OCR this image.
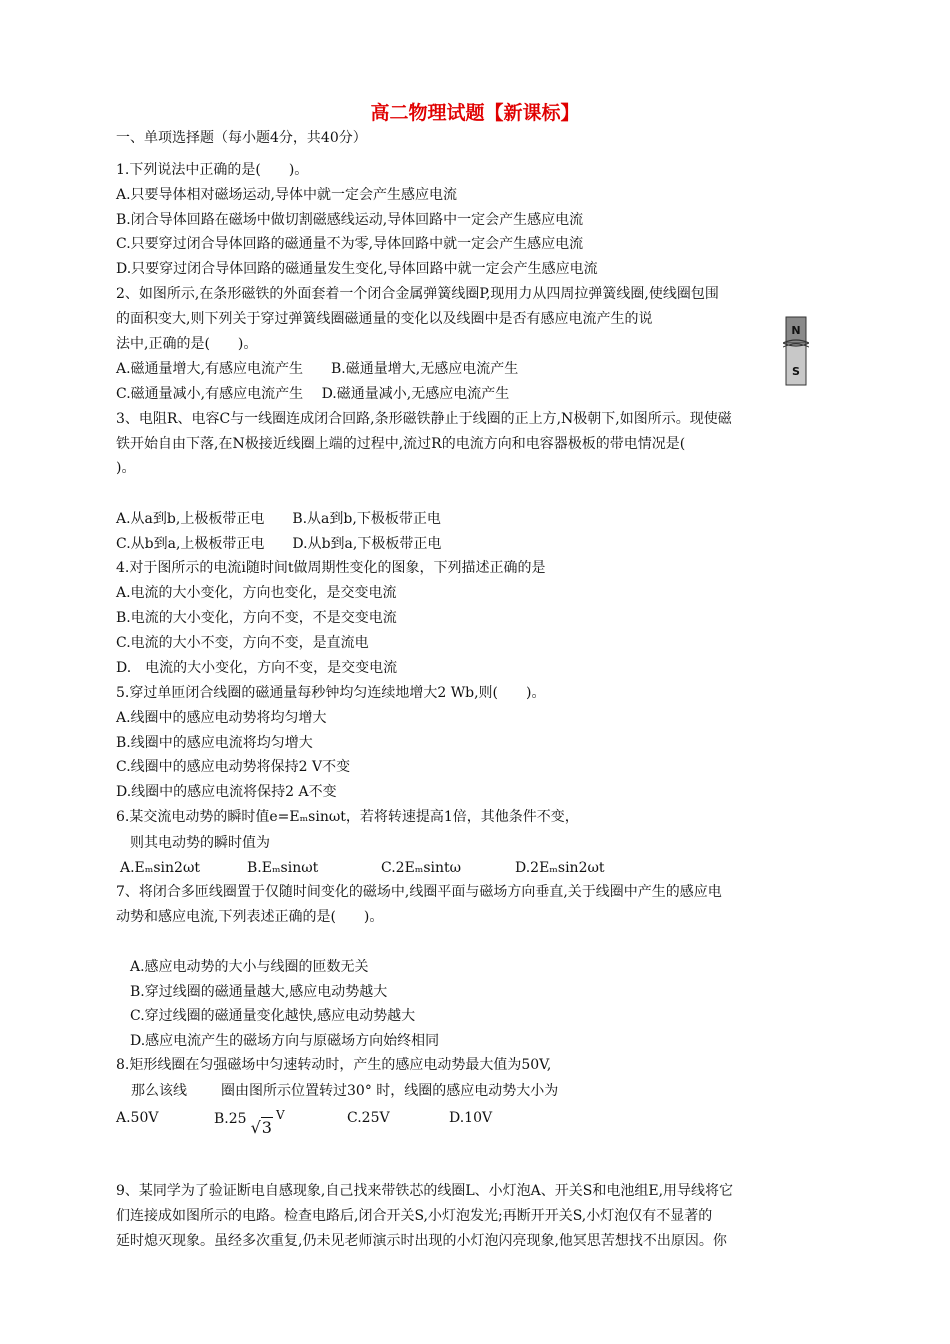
高二物理试题【新课标】
一、单项选择题（每小题4分，共40分）
1.下列说法中正确的是(　　)。
A.只要导体相对磁场运动,导体中就一定会产生感应电流
B.闭合导体回路在磁场中做切割磁感线运动,导体回路中一定会产生感应电流
C.只要穿过闭合导体回路的磁通量不为零,导体回路中就一定会产生感应电流
D.只要穿过闭合导体回路的磁通量发生变化,导体回路中就一定会产生感应电流
2、如图所示,在条形磁铁的外面套着一个闭合金属弹簧线圈P,现用力从四周拉弹簧线圈,使线圈包围
的面积变大,则下列关于穿过弹簧线圈磁通量的变化以及线圈中是否有感应电流产生的说
法中,正确的是(　　)。
A.磁通量增大,有感应电流产生　　B.磁通量增大,无感应电流产生
C.磁通量减小,有感应电流产生　 D.磁通量减小,无感应电流产生
N
S
3、电阻R、电容C与一线圈连成闭合回路,条形磁铁静止于线圈的正上方,N极朝下,如图所示。现使磁
铁开始自由下落,在N极接近线圈上端的过程中,流过R的电流方向和电容器极板的带电情况是(
)。
A.从a到b,上极板带正电　　B.从a到b,下极板带正电
C.从b到a,上极板带正电　　D.从b到a,下极板带正电
4.对于图所示的电流i随时间t做周期性变化的图象，下列描述正确的是
A.电流的大小变化，方向也变化，是交变电流
B.电流的大小变化，方向不变，不是交变电流
C.电流的大小不变，方向不变，是直流电
D.　电流的大小变化，方向不变，是交变电流
5.穿过单匝闭合线圈的磁通量每秒钟均匀连续地增大2 Wb,则(　　)。
A.线圈中的感应电动势将均匀增大
B.线圈中的感应电流将均匀增大
C.线圈中的感应电动势将保持2 V不变
D.线圈中的感应电流将保持2 A不变
6.某交流电动势的瞬时值e=Eₘsinωt，若将转速提高1倍，其他条件不变，
　则其电动势的瞬时值为
A.Eₘsin2ωt	B.Eₘsinωt	C.2Eₘsintω	D.2Eₘsin2ωt
7、将闭合多匝线圈置于仅随时间变化的磁场中,线圈平面与磁场方向垂直,关于线圈中产生的感应电
动势和感应电流,下列表述正确的是(　　)。
A.感应电动势的大小与线圈的匝数无关
B.穿过线圈的磁通量越大,感应电动势越大
C.穿过线圈的磁通量变化越快,感应电动势越大
D.感应电流产生的磁场方向与原磁场方向始终相同
8.矩形线圈在匀强磁场中匀速转动时，产生的感应电动势最大值为50V,
那么该线 圈由图所示位置转过30° 时，线圈的感应电动势大小为
A.50V	B.25 √3V	C.25V	D.10V
9、某同学为了验证断电自感现象,自己找来带铁芯的线圈L、小灯泡A、开关S和电池组E,用导线将它
们连接成如图所示的电路。检查电路后,闭合开关S,小灯泡发光;再断开开关S,小灯泡仅有不显著的
延时熄灭现象。虽经多次重复,仍未见老师演示时出现的小灯泡闪亮现象,他冥思苦想找不出原因。你
